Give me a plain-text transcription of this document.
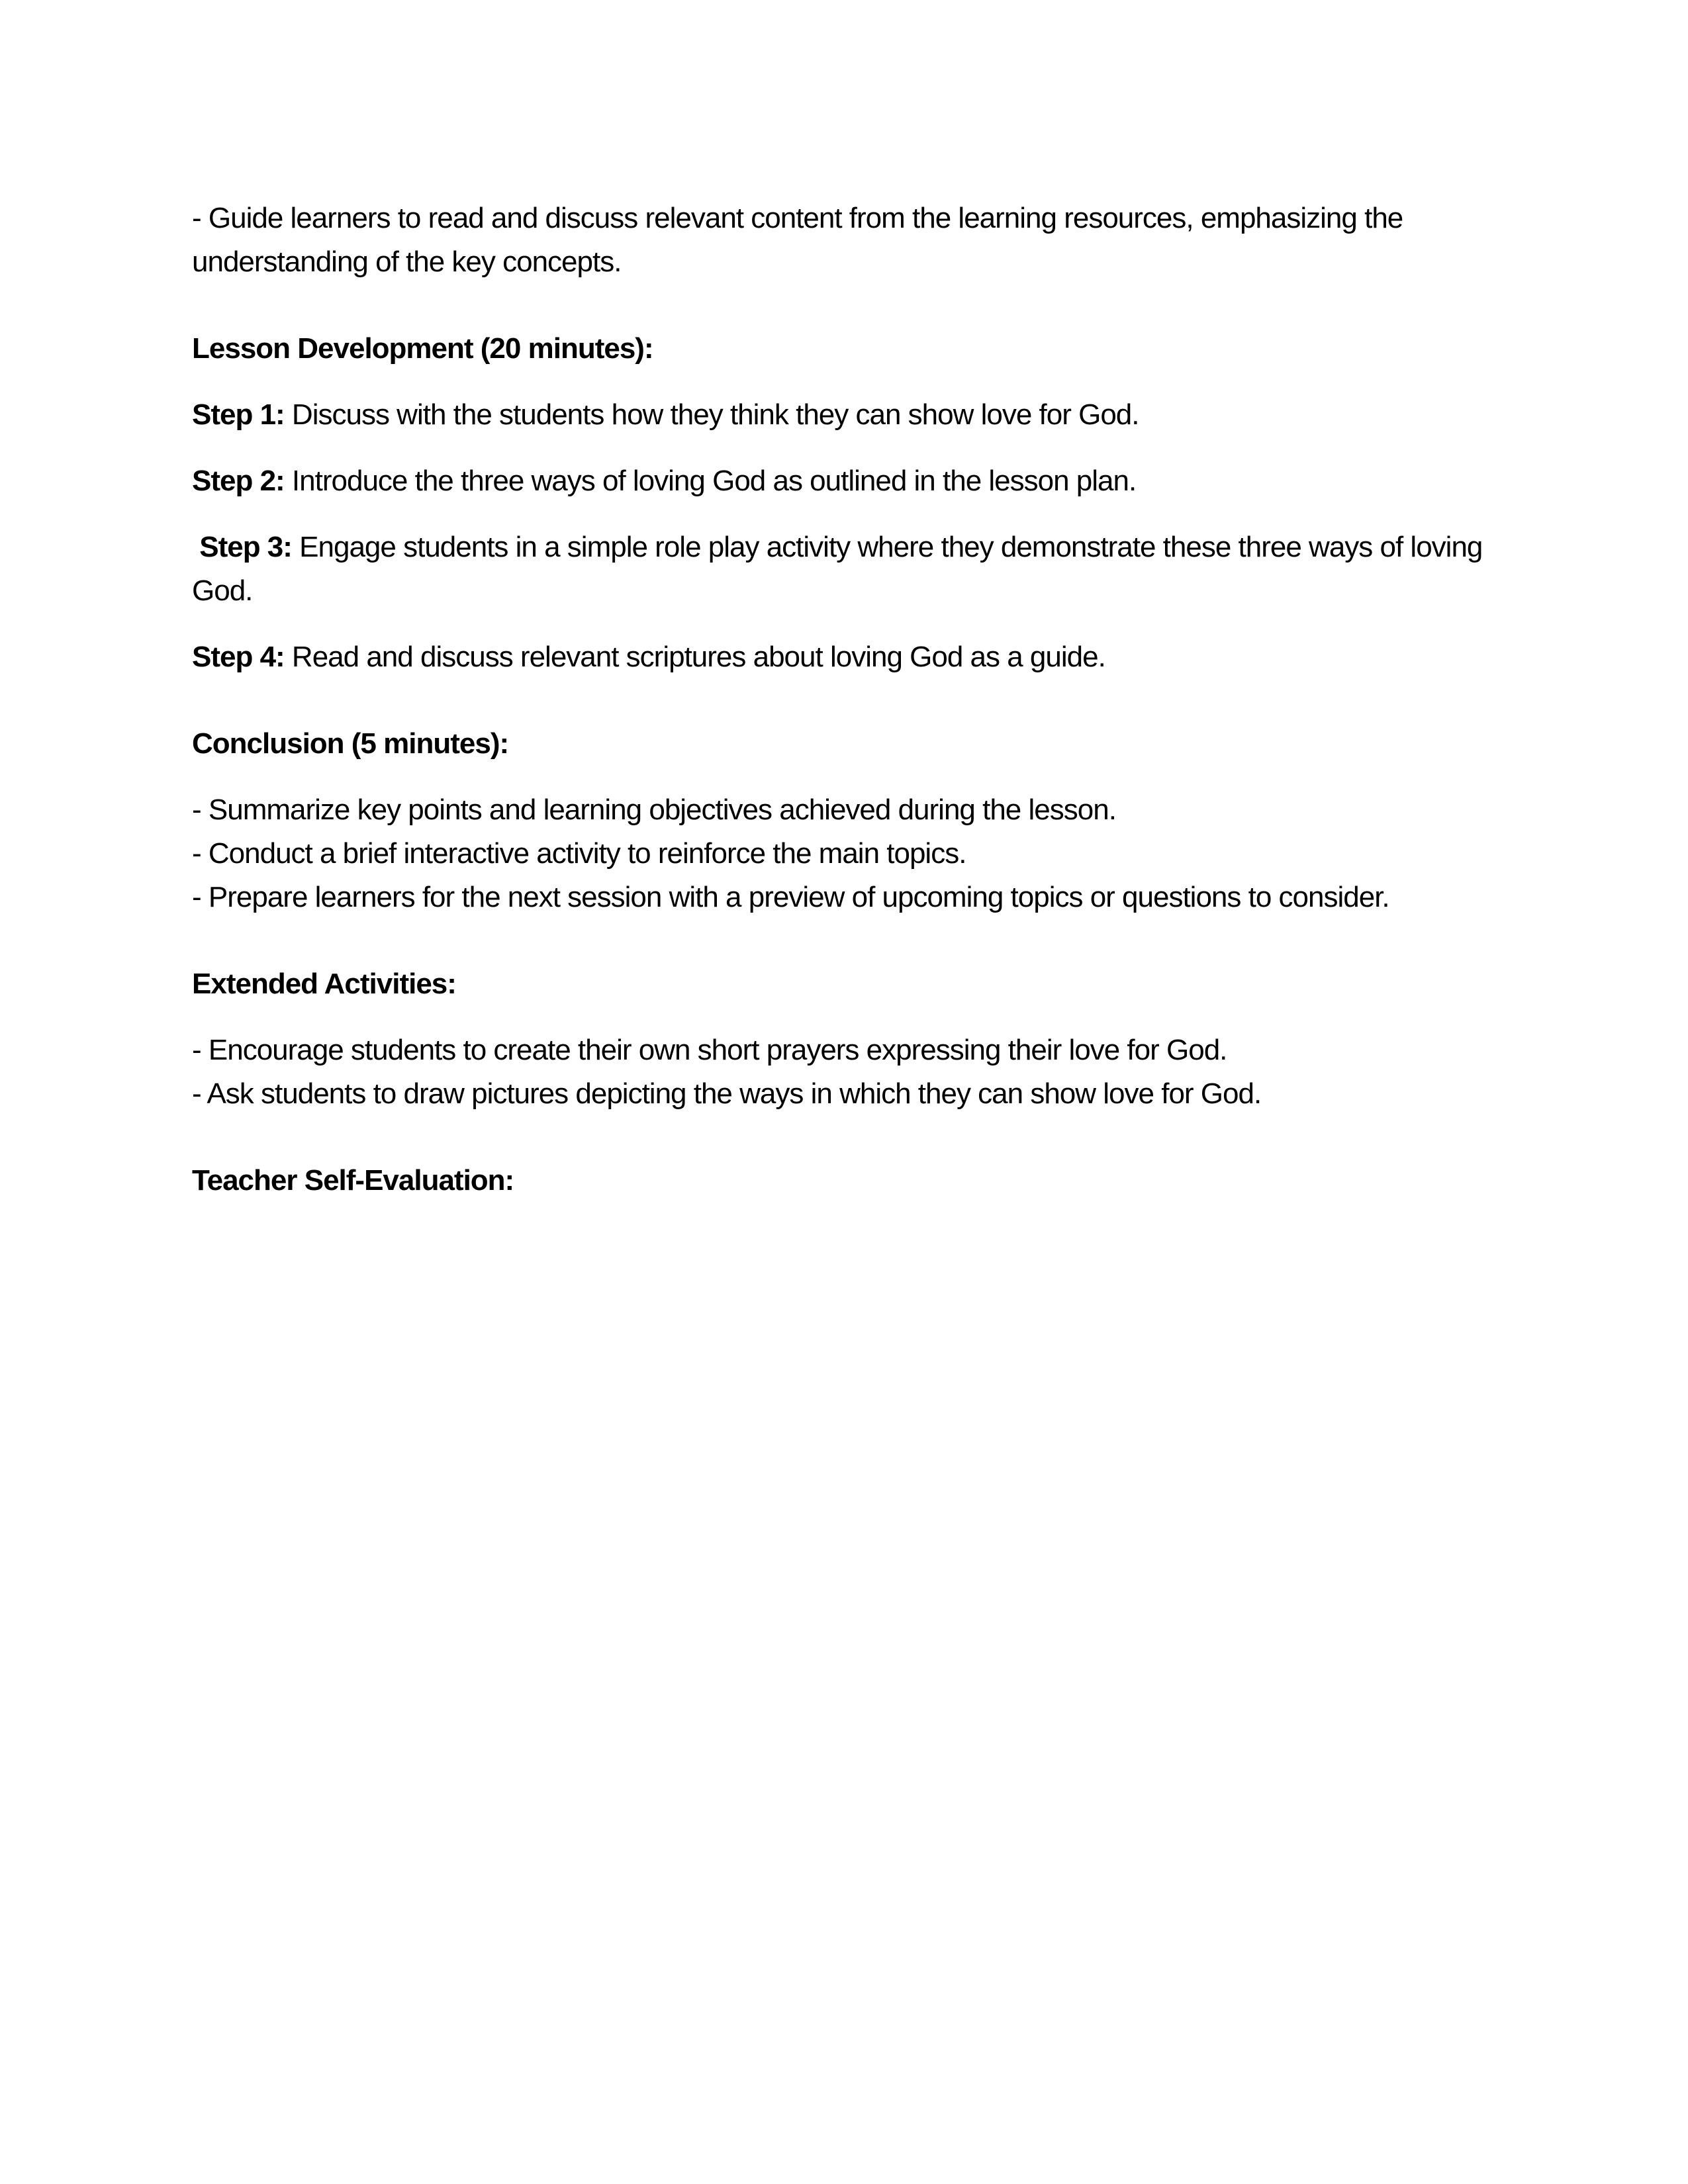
- Guide learners to read and discuss relevant content from the learning resources, emphasizing the understanding of the key concepts.

Lesson Development (20 minutes):

Step 1: Discuss with the students how they think they can show love for God.

Step 2: Introduce the three ways of loving God as outlined in the lesson plan.

Step 3: Engage students in a simple role play activity where they demonstrate these three ways of loving God.

Step 4: Read and discuss relevant scriptures about loving God as a guide.

Conclusion (5 minutes):

- Summarize key points and learning objectives achieved during the lesson.
- Conduct a brief interactive activity to reinforce the main topics.
- Prepare learners for the next session with a preview of upcoming topics or questions to consider.

Extended Activities:

- Encourage students to create their own short prayers expressing their love for God.
- Ask students to draw pictures depicting the ways in which they can show love for God.

Teacher Self-Evaluation:
